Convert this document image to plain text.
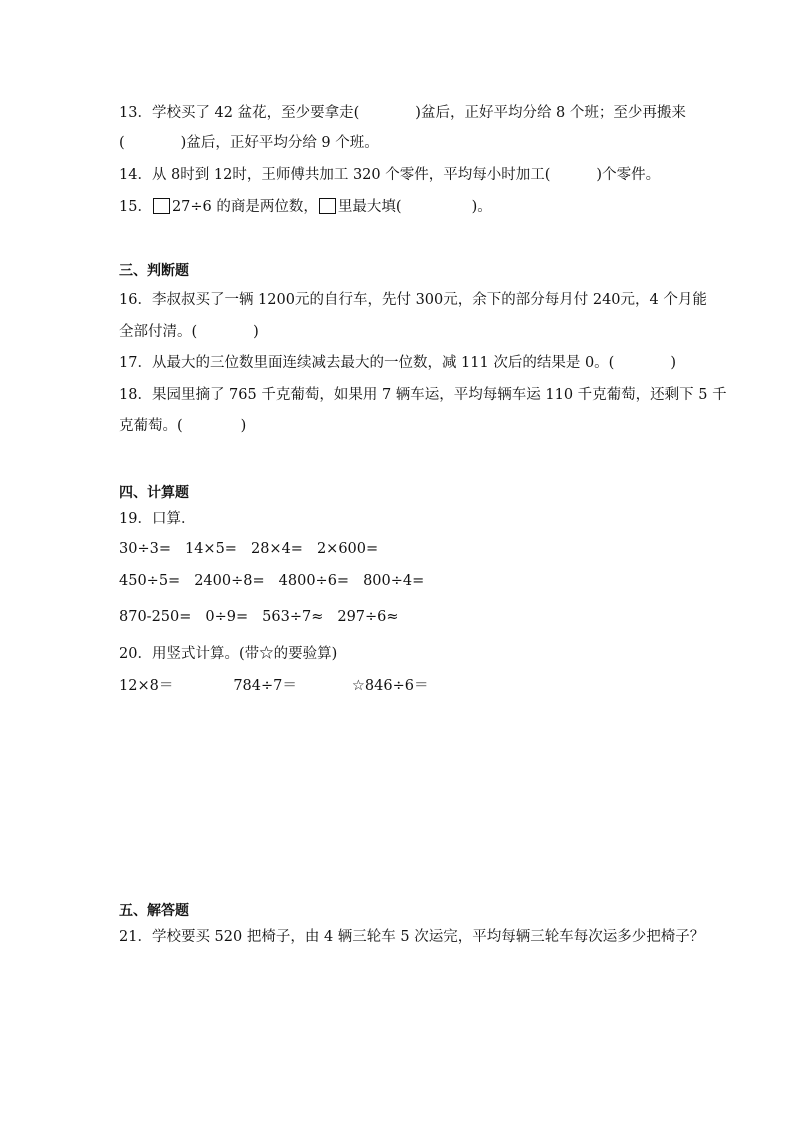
13．学校买了 42 盆花，至少要拿走(	)盆后，正好平均分给 8 个班；至少再搬来
(	)盆后，正好平均分给 9 个班。
14．从 8时到 12时，王师傅共加工 320 个零件，平均每小时加工(	)个零件。
15． 27÷6 的商是两位数， 里最大填(	)。
三、判断题
16．李叔叔买了一辆 1200元的自行车，先付 300元，余下的部分每月付 240元，4 个月能
全部付清。(	)
17．从最大的三位数里面连续减去最大的一位数，减 111 次后的结果是 0。(	)
18．果园里摘了 765 千克葡萄，如果用 7 辆车运，平均每辆车运 110 千克葡萄，还剩下 5 千
克葡萄。(	)
四、计算题
19．口算．
30÷3= 14×5= 28×4= 2×600=
450÷5= 2400÷8= 4800÷6= 800÷4=
870-250= 0÷9= 563÷7≈ 297÷6≈
20．用竖式计算。(带☆的要验算)
12×8＝	784÷7＝	☆846÷6＝
五、解答题
21．学校要买 520 把椅子，由 4 辆三轮车 5 次运完，平均每辆三轮车每次运多少把椅子？
